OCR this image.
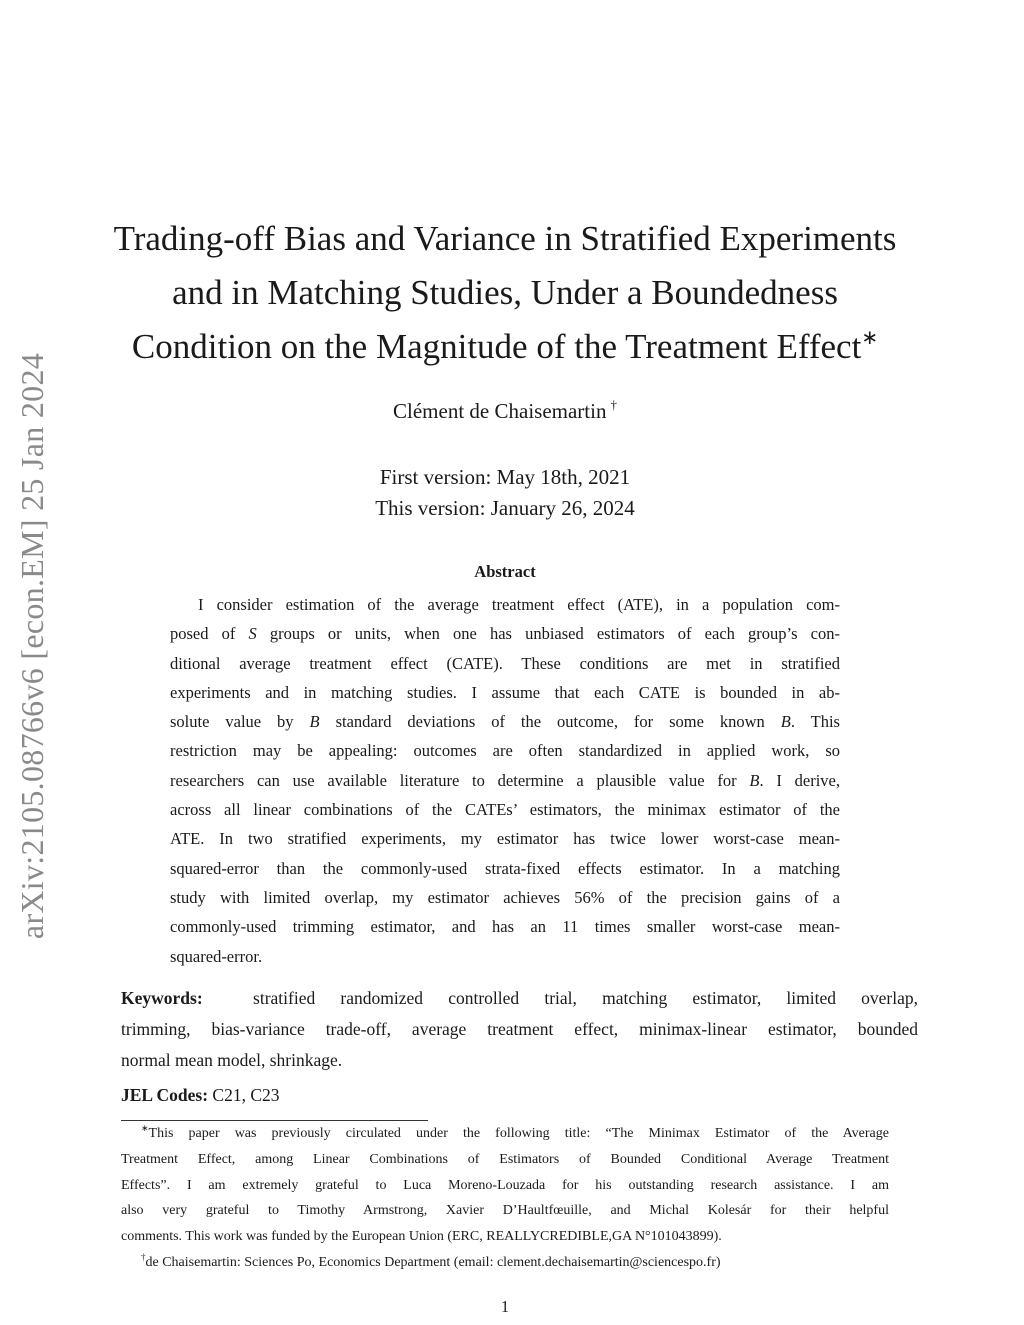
arXiv:2105.08766v6 [econ.EM] 25 Jan 2024
Trading-off Bias and Variance in Stratified Experiments
and in Matching Studies, Under a Boundedness
Condition on the Magnitude of the Treatment Effect∗
Clément de Chaisemartin †
First version: May 18th, 2021
This version: January 26, 2024
Abstract
I consider estimation of the average treatment effect (ATE), in a population com-
posed of S groups or units, when one has unbiased estimators of each group’s con-
ditional average treatment effect (CATE). These conditions are met in stratified
experiments and in matching studies. I assume that each CATE is bounded in ab-
solute value by B standard deviations of the outcome, for some known B. This
restriction may be appealing: outcomes are often standardized in applied work, so
researchers can use available literature to determine a plausible value for B. I derive,
across all linear combinations of the CATEs’ estimators, the minimax estimator of the
ATE. In two stratified experiments, my estimator has twice lower worst-case mean-
squared-error than the commonly-used strata-fixed effects estimator. In a matching
study with limited overlap, my estimator achieves 56% of the precision gains of a
commonly-used trimming estimator, and has an 11 times smaller worst-case mean-
squared-error.
Keywords:	stratified randomized controlled trial, matching estimator, limited overlap,
trimming, bias-variance trade-off, average treatment effect, minimax-linear estimator, bounded
normal mean model, shrinkage.
JEL Codes: C21, C23
∗This paper was previously circulated under the following title: “The Minimax Estimator of the Average
Treatment Effect, among Linear Combinations of Estimators of Bounded Conditional Average Treatment
Effects”. I am extremely grateful to Luca Moreno-Louzada for his outstanding research assistance. I am
also very grateful to Timothy Armstrong, Xavier D’Haultfœuille, and Michal Kolesár for their helpful
comments. This work was funded by the European Union (ERC, REALLYCREDIBLE,GA N°101043899).
†de Chaisemartin: Sciences Po, Economics Department (email: clement.dechaisemartin@sciencespo.fr)
1
